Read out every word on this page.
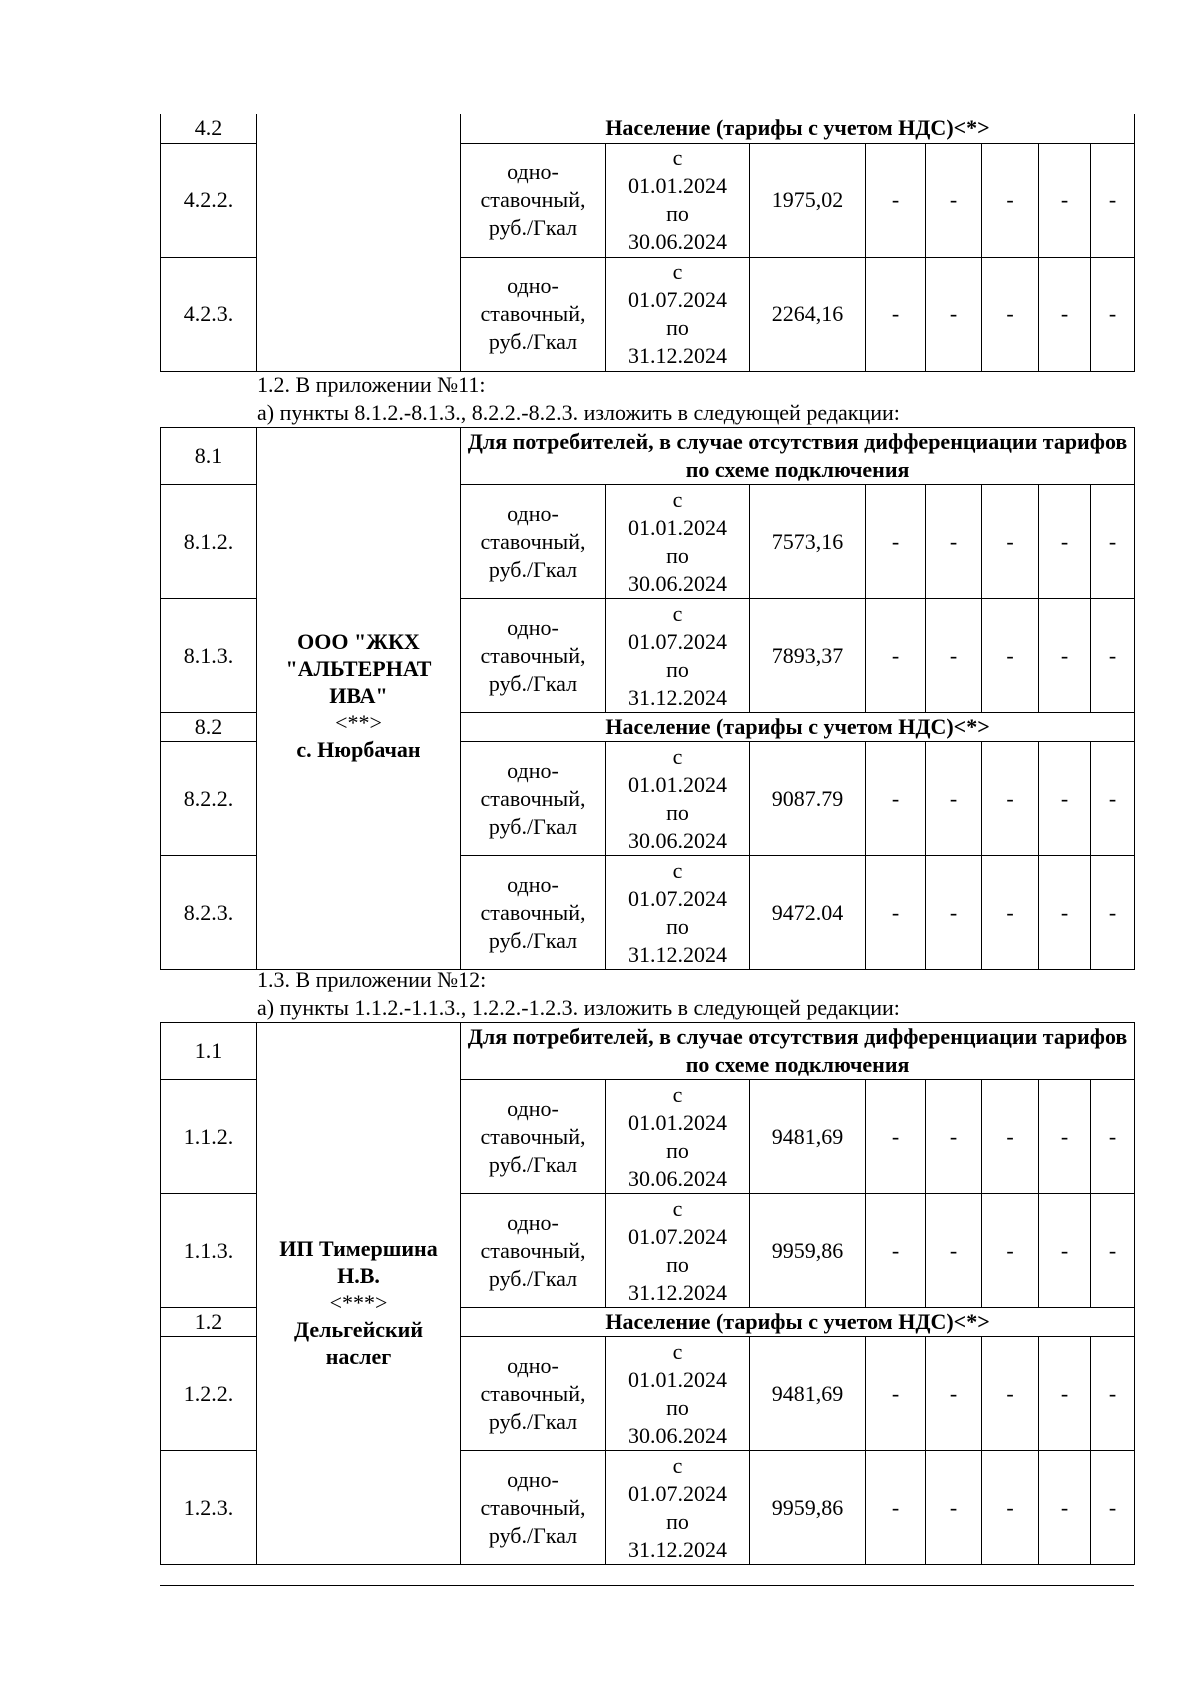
4.2		Население (тарифы с учетом НДС)<*>							
4.2.2.		одно-
ставочный,
руб./Гкал	с
01.01.2024
по
30.06.2024	1975,02	-	-	-	-	-
4.2.3.		одно-
ставочный,
руб./Гкал	с
01.07.2024
по
31.12.2024	2264,16	-	-	-	-	-
1.2. В приложении №11:
а) пункты 8.1.2.-8.1.3., 8.2.2.-8.2.3. изложить в следующей редакции:
8.1	ООО "ЖКХ
"АЛЬТЕРНАТ
ИВА"
<**>
с. Нюрбачан	Для потребителей, в случае отсутствия дифференциации тарифов по схеме подключения							
8.1.2.		одно-
ставочный,
руб./Гкал	с
01.01.2024
по
30.06.2024	7573,16	-	-	-	-	-
8.1.3.		одно-
ставочный,
руб./Гкал	с
01.07.2024
по
31.12.2024	7893,37	-	-	-	-	-
8.2		Население (тарифы с учетом НДС)<*>							
8.2.2.		одно-
ставочный,
руб./Гкал	с
01.01.2024
по
30.06.2024	9087.79	-	-	-	-	-
8.2.3.		одно-
ставочный,
руб./Гкал	с
01.07.2024
по
31.12.2024	9472.04	-	-	-	-	-
1.3. В приложении №12:
а) пункты 1.1.2.-1.1.3., 1.2.2.-1.2.3. изложить в следующей редакции:
1.1	ИП Тимершина
Н.В.
<***>
Дельгейский
наслег	Для потребителей, в случае отсутствия дифференциации тарифов по схеме подключения							
1.1.2.		одно-
ставочный,
руб./Гкал	с
01.01.2024
по
30.06.2024	9481,69	-	-	-	-	-
1.1.3.		одно-
ставочный,
руб./Гкал	с
01.07.2024
по
31.12.2024	9959,86	-	-	-	-	-
1.2		Население (тарифы с учетом НДС)<*>							
1.2.2.		одно-
ставочный,
руб./Гкал	с
01.01.2024
по
30.06.2024	9481,69	-	-	-	-	-
1.2.3.		одно-
ставочный,
руб./Гкал	с
01.07.2024
по
31.12.2024	9959,86	-	-	-	-	-
